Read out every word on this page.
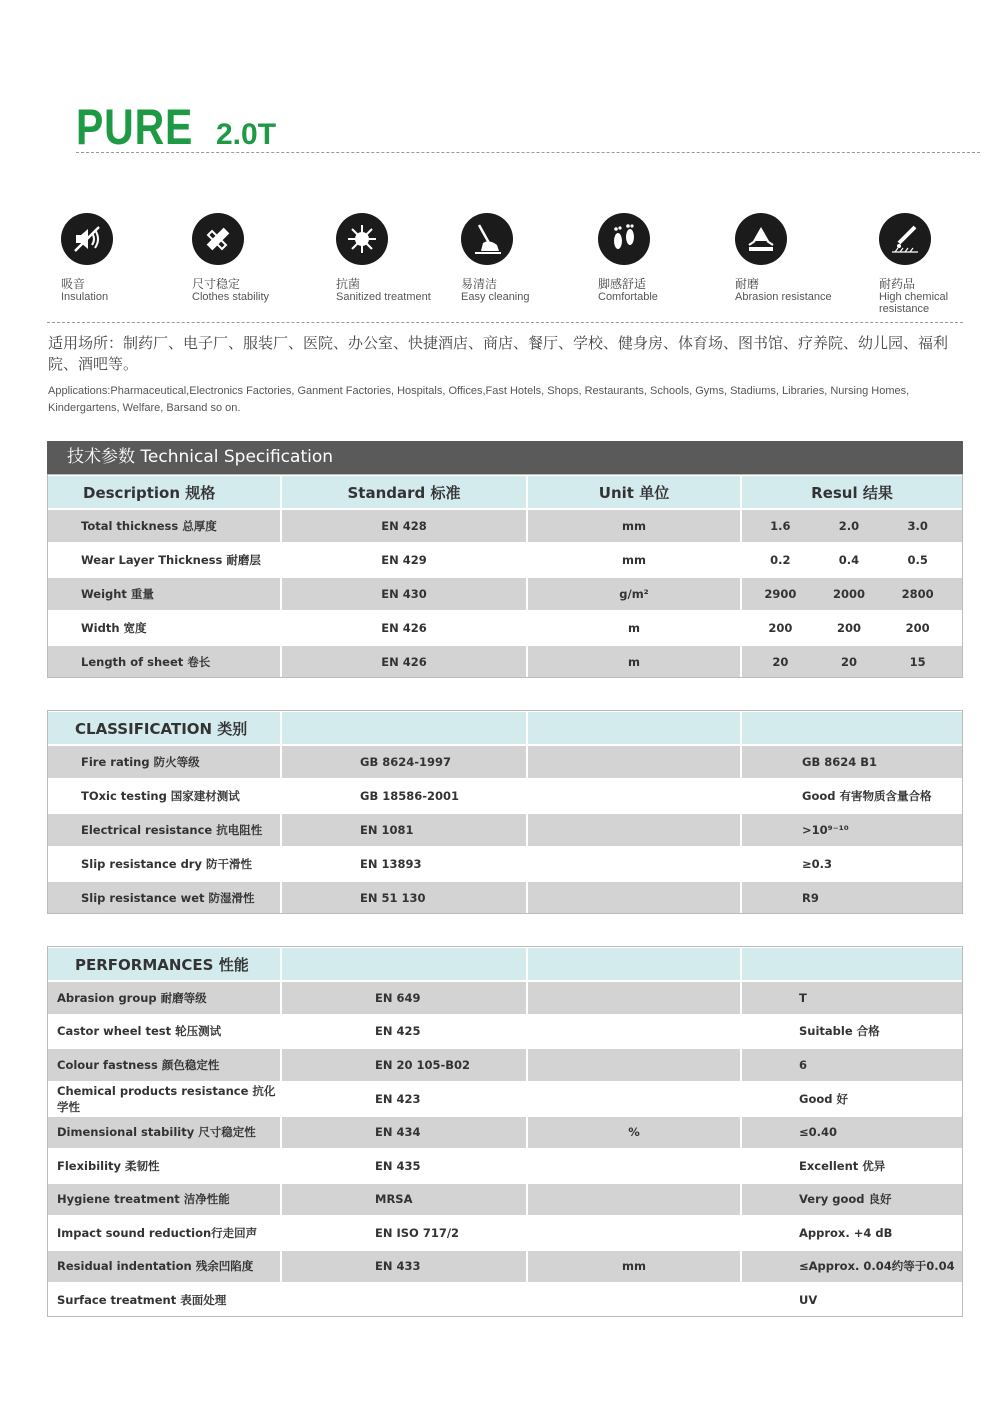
PURE 2.0T
吸音
Insulation
尺寸稳定
Clothes stability
抗菌
Sanitized treatment
易清洁
Easy cleaning
脚感舒适
Comfortable
耐磨
Abrasion resistance
耐药品
High chemical resistance
适用场所：制药厂、电子厂、服装厂、医院、办公室、快捷酒店、商店、餐厅、学校、健身房、体育场、图书馆、疗养院、幼儿园、福利院、酒吧等。
Applications:Pharmaceutical,Electronics Factories, Ganment Factories, Hospitals, Offices,Fast Hotels, Shops, Restaurants, Schools, Gyms, Stadiums, Libraries, Nursing Homes, Kindergartens, Welfare, Barsand so on.
技术参数 Technical Specification
Description 规格	Standard 标准	Unit 单位	Resul 结果
Total thickness 总厚度	EN 428	mm	1.6 2.0 3.0

Wear Layer Thickness 耐磨层	EN 429	mm	0.2 0.4 0.5

Weight 重量	EN 430	g/m²	2900 2000 2800

Width 宽度	EN 426	m	200 200 200

Length of sheet 卷长	EN 426	m	20 20 15
CLASSIFICATION 类别			
Fire rating 防火等级	GB 8624-1997		GB 8624 B1
TOxic testing 国家建材测试	GB 18586-2001		Good 有害物质含量合格
Electrical resistance 抗电阻性	EN 1081		>10⁹⁻¹⁰
Slip resistance dry 防干滑性	EN 13893		≥0.3
Slip resistance wet 防湿滑性	EN 51 130		R9
PERFORMANCES 性能			
Abrasion group 耐磨等级	EN 649		T
Castor wheel test 轮压测试	EN 425		Suitable 合格
Colour fastness 颜色稳定性	EN 20 105-B02		6
Chemical products resistance 抗化学性	EN 423		Good 好
Dimensional stability 尺寸稳定性	EN 434	%	≤0.40
Flexibility 柔韧性	EN 435		Excellent 优异
Hygiene treatment 洁净性能	MRSA		Very good 良好
Impact sound reduction行走回声	EN ISO 717/2		Approx. +4 dB
Residual indentation 残余凹陷度	EN 433	mm	≤Approx. 0.04约等于0.04
Surface treatment 表面处理			UV
